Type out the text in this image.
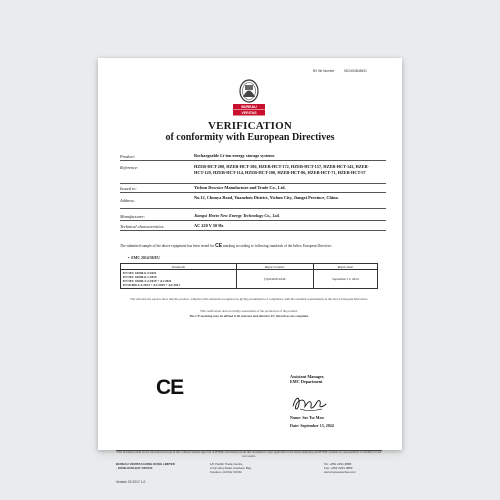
BV file Number	5D24G0B48491
BUREAU
VERITAS
VERIFICATION
of conformity with European Directives
Product:	Rechargeable Li-ion energy storage systems
Reference:	HZEB-HCT-200, HZEB-HCT-186, HZEB-HCT-172, HZEB-HCT-157, HZEB-HCT-143, HZEB-HCT-129, HZEB-HCT-114, HZEB-HCT-100, HZEB-HCT-86, HZEB-HCT-71, HZEB-HCT-57
Issued to:	Yichun Dowsice Manufacture and Trade Co., Ltd.
Address:
No.12, Chunya Road, Yuanzhou District, Yichun City, Jiangxi Province, China.
Manufacturer:	Jiangxi Horto New Energy Technology Co., Ltd.
Technical characteristics:	AC 220 V 50 Hz
The submitted sample of the above equipment has been tested for CE marking according to following standards of the below European Directive:
•  EMC 2014/30/EU
Standards	Report number	Report date

EN IEC 61000-6-3:2021
EN IEC 61000-6-1:2019
EN IEC 61000-3-2:2019 + A1:2021
EN 61000-3-3:2013 + A1:2019 + A2:2021	(5)224228-0249	September 13, 2024
The referred test reports show that the product complies with standards recognized as giving presumption of compliance with the essential requirements in the above European Directives.
This verification does not imply assessment of the production of the product.
The CE marking may be affixed if all relevant and effective EC Directives are complied.
CE	Assistant Manager,
EMC Department
Name: Sze Tse Mou
Date: September 13, 2024
This document shall not be reproduced except in full, without written approval of BVHK. Information from this document is only applicable to the tested sample(s) and BVHK assumes no responsibility or liability for the test results.
BUREAU VERITAS HONG KONG LIMITED
- KOWLOON BAY OFFICE
1/F Pacific Trade Centre,
2 Kai Hing Road, Kowloon Bay,
Kowloon, HONG KONG
Tel: +852 2331 0888
Fax: +852 2331 0889
www.bureauveritas.com
Version 03 2017 1.0
